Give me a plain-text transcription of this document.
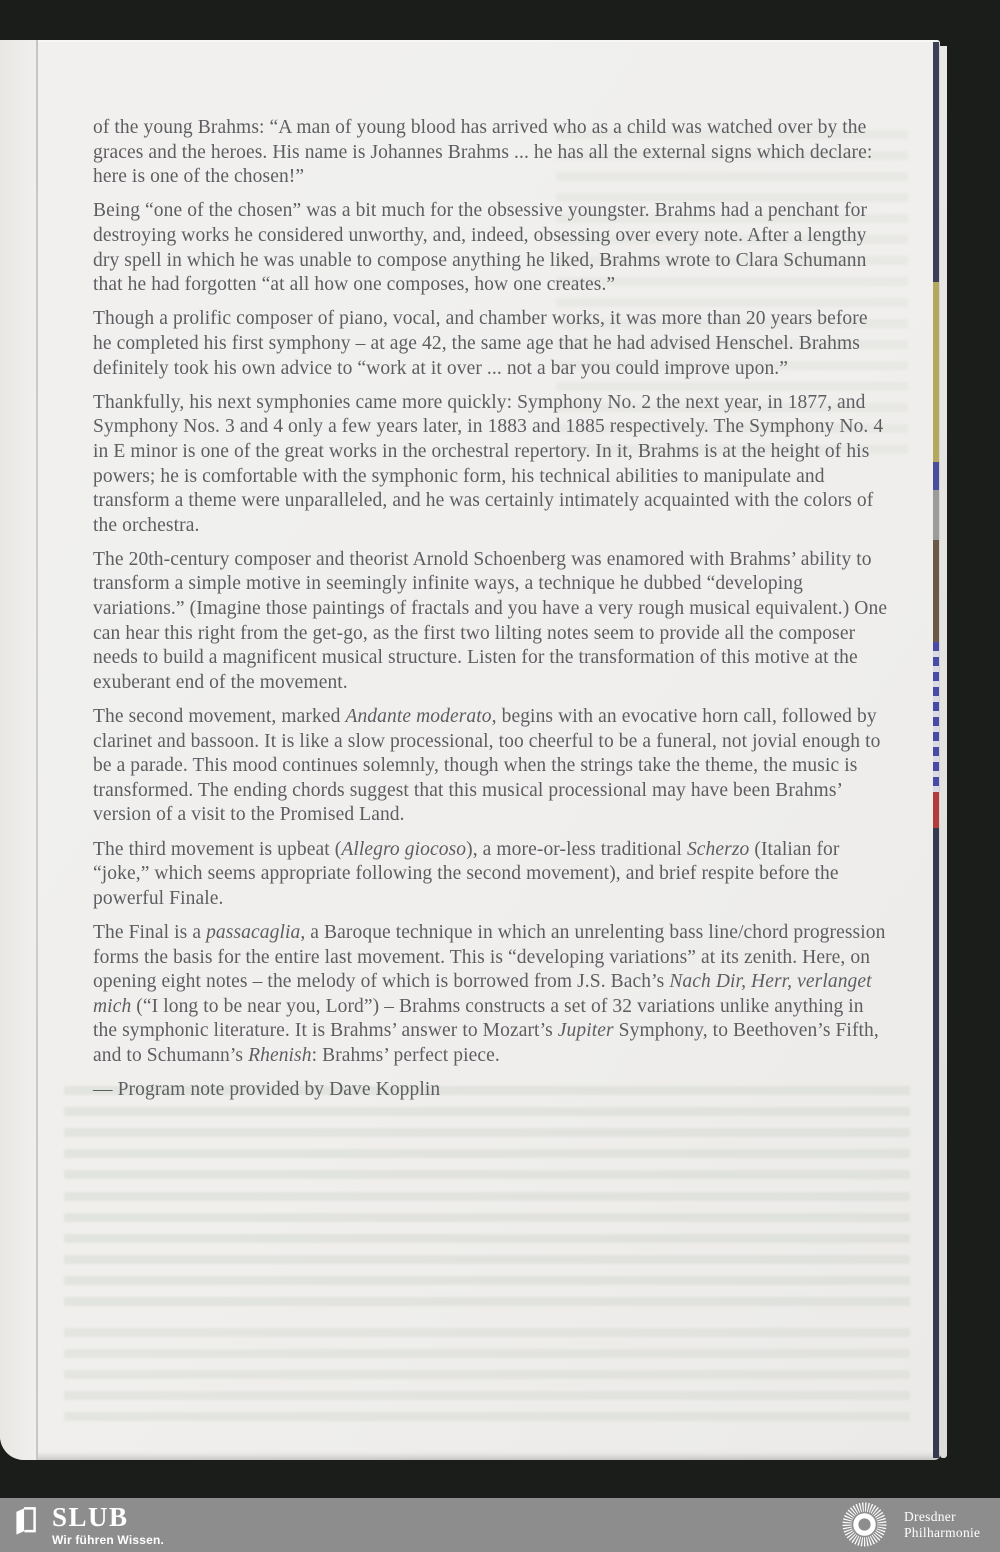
of the young Brahms: “A man of young blood has arrived who as a child was watched over by the graces and the heroes. His name is Johannes Brahms ... he has all the external signs which declare: here is one of the chosen!”

Being “one of the chosen” was a bit much for the obsessive youngster. Brahms had a penchant for destroying works he considered unworthy, and, indeed, obsessing over every note. After a lengthy dry spell in which he was unable to compose anything he liked, Brahms wrote to Clara Schumann that he had forgotten “at all how one composes, how one creates.”

Though a prolific composer of piano, vocal, and chamber works, it was more than 20 years before he completed his first symphony – at age 42, the same age that he had advised Henschel. Brahms definitely took his own advice to “work at it over ... not a bar you could improve upon.”

Thankfully, his next symphonies came more quickly: Symphony No. 2 the next year, in 1877, and Symphony Nos. 3 and 4 only a few years later, in 1883 and 1885 respectively. The Symphony No. 4 in E minor is one of the great works in the orchestral repertory. In it, Brahms is at the height of his powers; he is comfortable with the symphonic form, his technical abilities to manipulate and transform a theme were unparalleled, and he was certainly intimately acquainted with the colors of the orchestra.

The 20th-century composer and theorist Arnold Schoenberg was enamored with Brahms’ ability to transform a simple motive in seemingly infinite ways, a technique he dubbed “developing variations.” (Imagine those paintings of fractals and you have a very rough musical equivalent.) One can hear this right from the get-go, as the first two lilting notes seem to provide all the composer needs to build a magnificent musical structure. Listen for the transformation of this motive at the exuberant end of the movement.

The second movement, marked Andante moderato, begins with an evocative horn call, followed by clarinet and bassoon. It is like a slow processional, too cheerful to be a funeral, not jovial enough to be a parade. This mood continues solemnly, though when the strings take the theme, the music is transformed. The ending chords suggest that this musical processional may have been Brahms’ version of a visit to the Promised Land.

The third movement is upbeat (Allegro giocoso), a more-or-less traditional Scherzo (Italian for “joke,” which seems appropriate following the second movement), and brief respite before the powerful Finale.

The Final is a passacaglia, a Baroque technique in which an unrelenting bass line/chord progression forms the basis for the entire last movement. This is “developing variations” at its zenith. Here, on opening eight notes – the melody of which is borrowed from J.S. Bach’s Nach Dir, Herr, verlanget mich (“I long to be near you, Lord”) – Brahms constructs a set of 32 variations unlike anything in the symphonic literature. It is Brahms’ answer to Mozart’s Jupiter Symphony, to Beethoven’s Fifth, and to Schumann’s Rhenish: Brahms’ perfect piece.

— Program note provided by Dave Kopplin

SLUB
Wir führen Wissen.
Dresdner
Philharmonie
